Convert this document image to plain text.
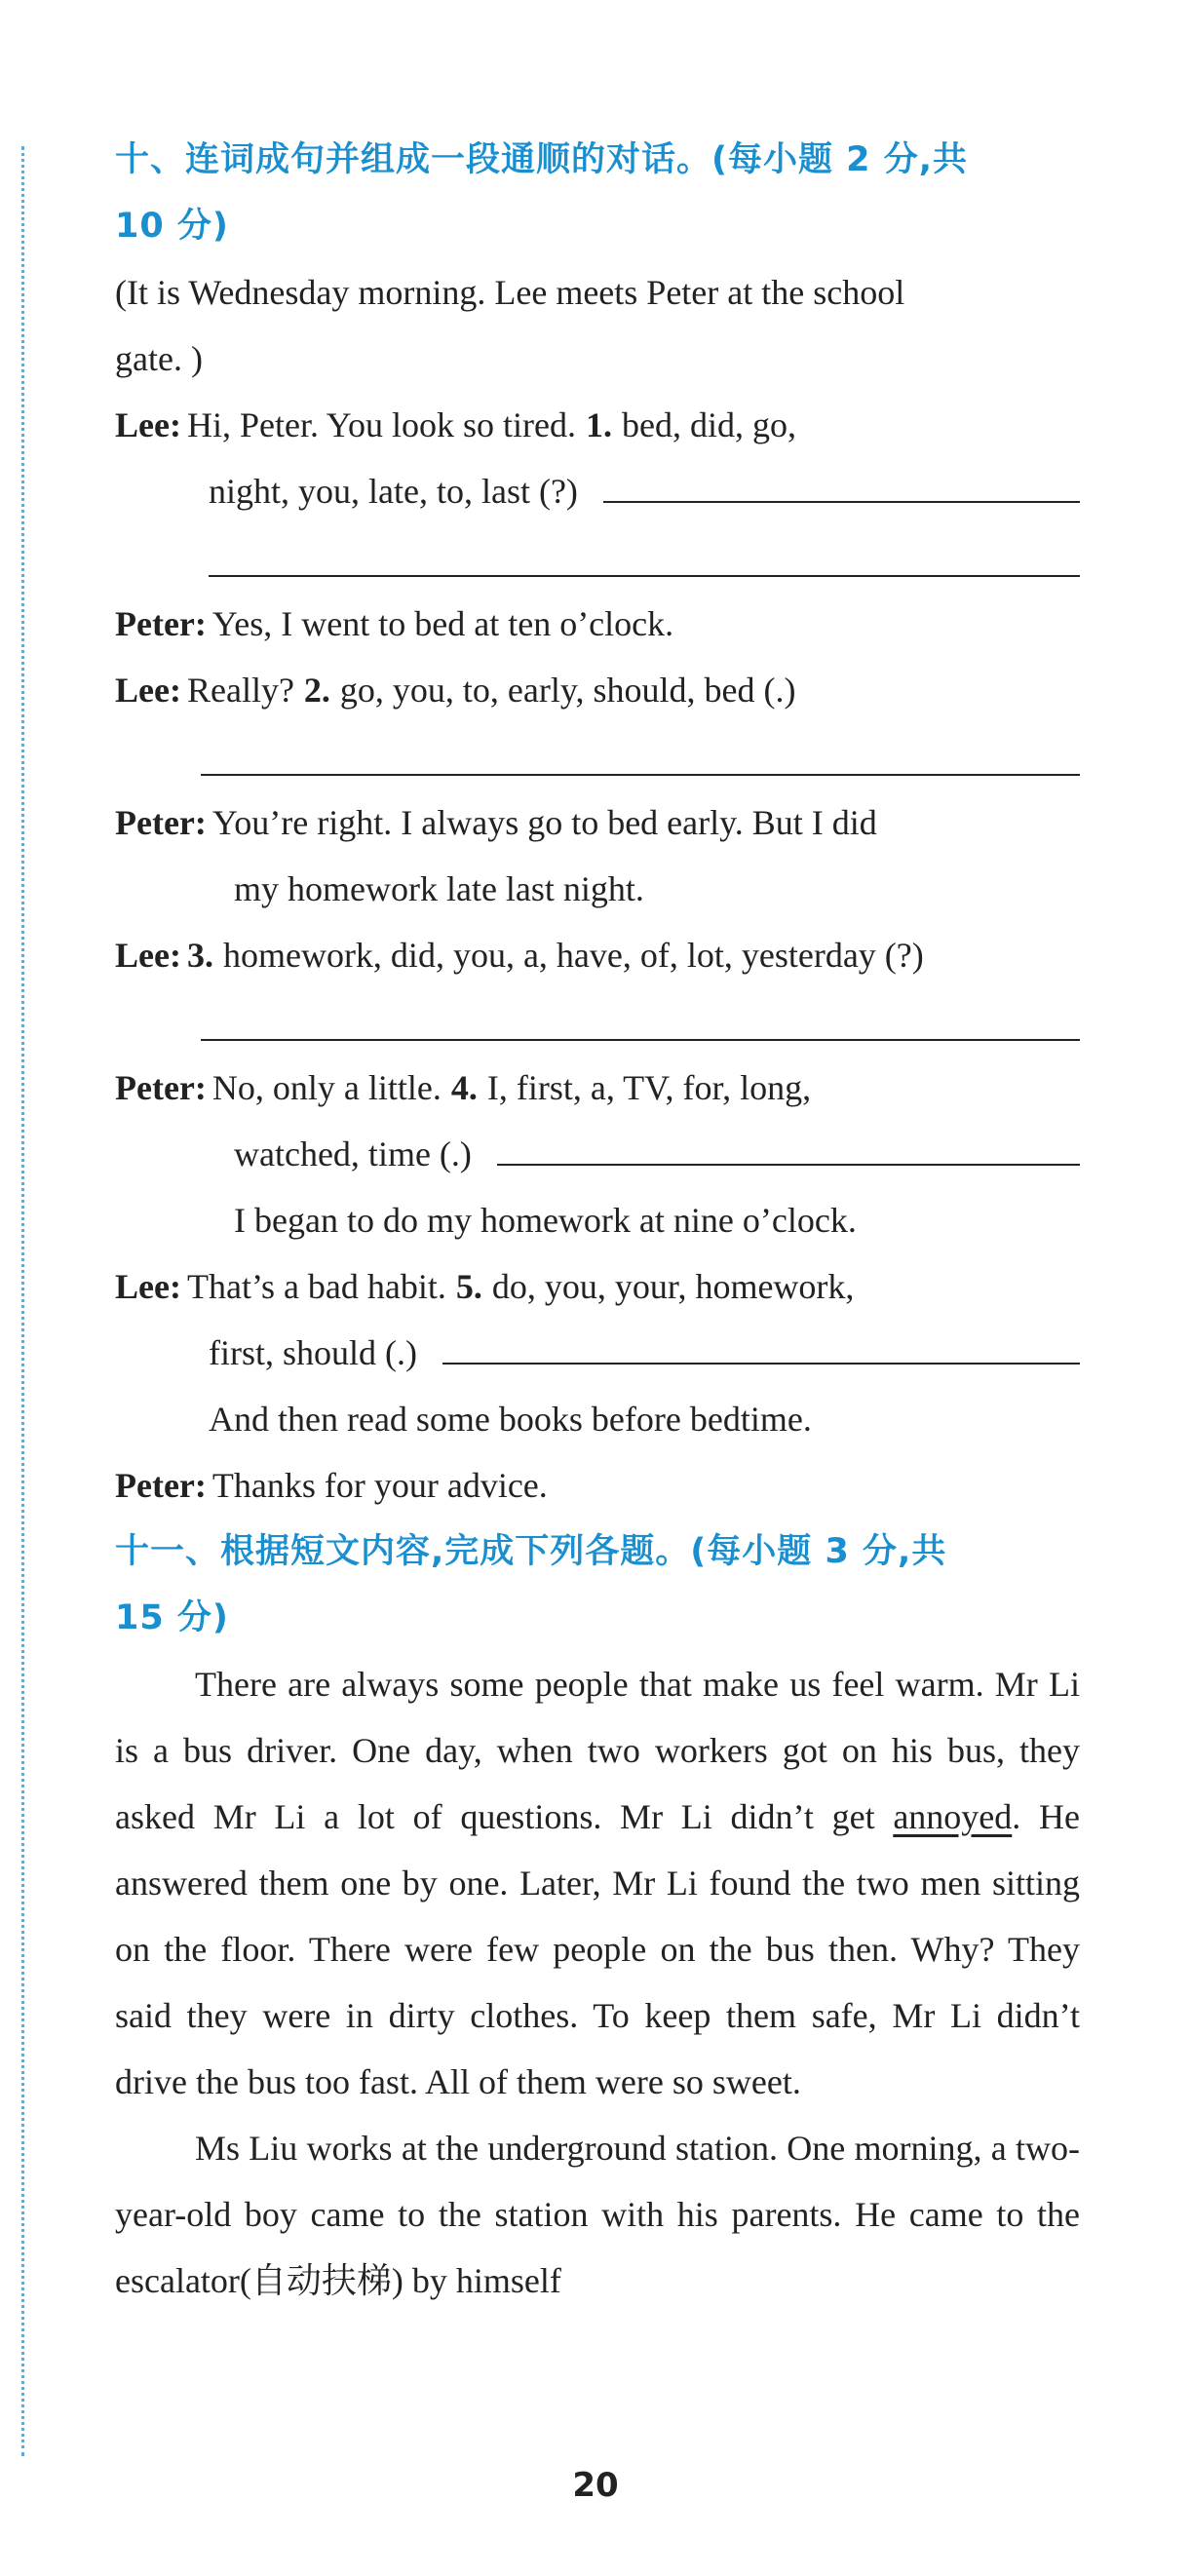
十、连词成句并组成一段通顺的对话。(每小题 2 分,共
10 分)
(It is Wednesday morning. Lee meets Peter at the school
gate. )
Lee: Hi, Peter. You look so tired. 1. bed, did, go,
night, you, late, to, last (?)
Peter: Yes, I went to bed at ten o’clock.
Lee: Really? 2. go, you, to, early, should, bed (.)
Peter: You’re right. I always go to bed early. But I did
my homework late last night.
Lee: 3. homework, did, you, a, have, of, lot, yesterday (?)
Peter: No, only a little. 4. I, first, a, TV, for, long,
watched, time (.)
I began to do my homework at nine o’clock.
Lee: That’s a bad habit. 5. do, you, your, homework,
first, should (.)
And then read some books before bedtime.
Peter: Thanks for your advice.
十一、根据短文内容,完成下列各题。(每小题 3 分,共
15 分)
There are always some people that make us feel warm. Mr Li is a bus driver. One day, when two workers got on his bus, they asked Mr Li a lot of questions. Mr Li didn’t get annoyed. He answered them one by one. Later, Mr Li found the two men sitting on the floor. There were few people on the bus then. Why? They said they were in dirty clothes. To keep them safe, Mr Li didn’t drive the bus too fast. All of them were so sweet.
Ms Liu works at the underground station. One morning, a two-year-old boy came to the station with his parents. He came to the escalator(自动扶梯) by himself
20
